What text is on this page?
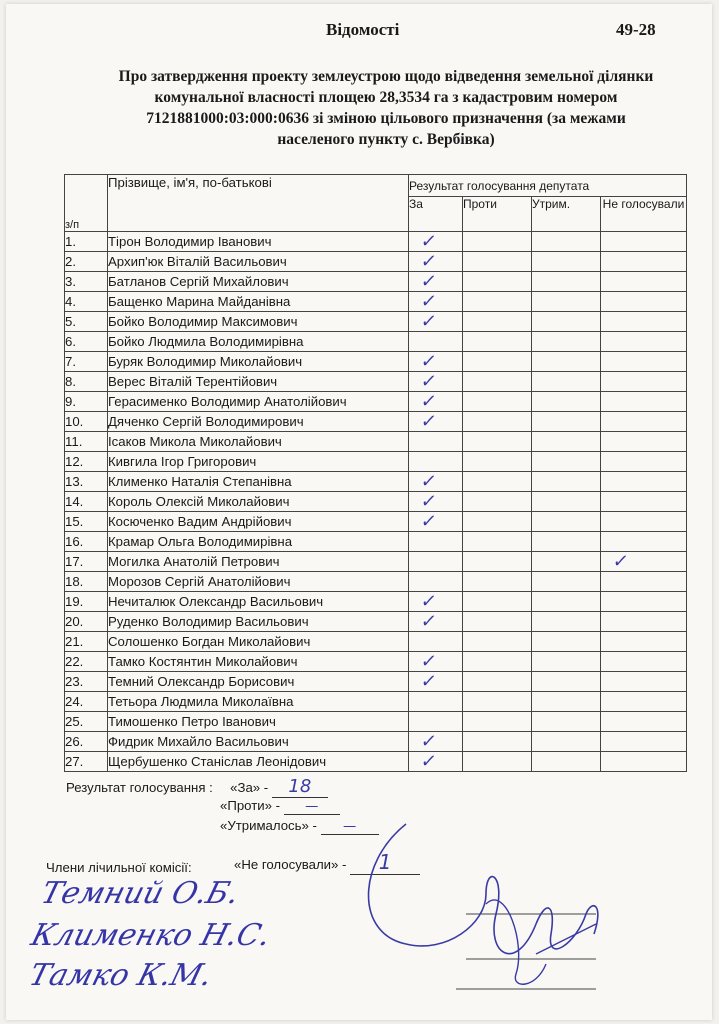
Відомості	49-28
Про затвердження проекту землеустрою щодо відведення земельної ділянки
комунальної власності площею 28,3534 га з кадастровим номером
7121881000:03:000:0636 зі зміною цільового призначення (за межами
населеного пункту с. Вербівка)
з/п	Прізвище, ім'я, по-батькові	Результат голосування депутата			
		За	Проти	Утрим.	Не голосували
1.	Тірон Володимир Іванович	✓			

2.	Архип'юк Віталій Васильович	✓			

3.	Батланов Сергій Михайлович	✓			

4.	Бащенко Марина Майданівна	✓			

5.	Бойко Володимир Максимович	✓			

6.	Бойко Людмила Володимирівна				
7.	Буряк Володимир Миколайович	✓			

8.	Верес Віталій Терентійович	✓			

9.	Герасименко Володимир Анатолійович	✓			

10.	Дяченко Сергій Володимирович	✓			

11.	Ісаков Микола Миколайович				
12.	Кивгила Ігор Григорович				
13.	Клименко Наталія Степанівна	✓			

14.	Король Олексій Миколайович	✓			

15.	Косюченко Вадим Андрійович	✓			

16.	Крамар Ольга Володимирівна				
17.	Могилка Анатолій Петрович				✓

18.	Морозов Сергій Анатолійович				
19.	Нечиталюк Олександр Васильович	✓			

20.	Руденко Володимир Васильович	✓			

21.	Солошенко Богдан Миколайович				
22.	Тамко Костянтин Миколайович	✓			

23.	Темний Олександр Борисович	✓			

24.	Тетьора Людмила Миколаївна				
25.	Тимошенко Петро Іванович				
26.	Фидрик Михайло Васильович	✓			

27.	Щербушенко Станіслав Леонідович	✓			

Результат голосування : «За» - 18
«Проти» - —
«Утрималось» - —
«Не голосували» - 1
Члени лічильної комісії:
Темний О.Б.
Клименко Н.С.
Тамко К.М.
